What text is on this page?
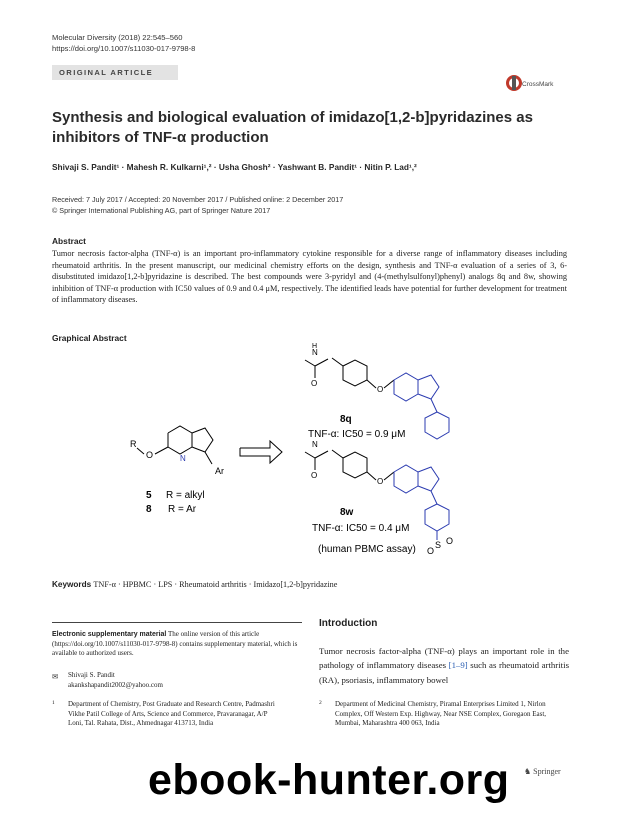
Molecular Diversity (2018) 22:545–560
https://doi.org/10.1007/s11030-017-9798-8
ORIGINAL ARTICLE
CrossMark
Synthesis and biological evaluation of imidazo[1,2-b]pyridazines as inhibitors of TNF-α production
Shivaji S. Pandit¹ · Mahesh R. Kulkarni¹,² · Usha Ghosh² · Yashwant B. Pandit¹ · Nitin P. Lad¹,²
Received: 7 July 2017 / Accepted: 20 November 2017 / Published online: 2 December 2017
© Springer International Publishing AG, part of Springer Nature 2017
Abstract
Tumor necrosis factor-alpha (TNF-α) is an important pro-inflammatory cytokine responsible for a diverse range of inflammatory diseases including rheumatoid arthritis. In the present manuscript, our medicinal chemistry efforts on the design, synthesis and TNF-α evaluation of a series of 3, 6-disubstituted imidazo[1,2-b]pyridazine is described. The best compounds were 3-pyridyl and (4-(methylsulfonyl)phenyl) analogs 8q and 8w, showing inhibition of TNF-α production with IC50 values of 0.9 and 0.4 μM, respectively. The identified leads have potential for further development for treatment of inflammatory diseases.
Graphical Abstract
R
O
Ar
N
5 R = alkyl
8 R = Ar
N
H
O
O
8q
TNF-α: IC50 = 0.9 μM
N
O
O
8w
TNF-α: IC50 = 0.4 μM
(human PBMC assay) O
S O
Keywords TNF-α · HPBMC · LPS · Rheumatoid arthritis · Imidazo[1,2-b]pyridazine
Electronic supplementary material The online version of this article (https://doi.org/10.1007/s11030-017-9798-8) contains supplementary material, which is available to authorized users.
✉ Shivaji S. Pandit
akankshapandit2002@yahoo.com
1 Department of Chemistry, Post Graduate and Research Centre, Padmashri Vikhe Patil College of Arts, Science and Commerce, Pravaranagar, A/P Loni, Tal. Rahata, Dist., Ahmednagar 413713, India
Introduction
Tumor necrosis factor-alpha (TNF-α) plays an important role in the pathology of inflammatory diseases [1–9] such as rheumatoid arthritis (RA), psoriasis, inflammatory bowel
2 Department of Medicinal Chemistry, Piramal Enterprises Limited 1, Nirlon Complex, Off Western Exp. Highway, Near NSE Complex, Goregaon East, Mumbai, Maharashtra 400 063, India
♞ Springer
ebook-hunter.org
